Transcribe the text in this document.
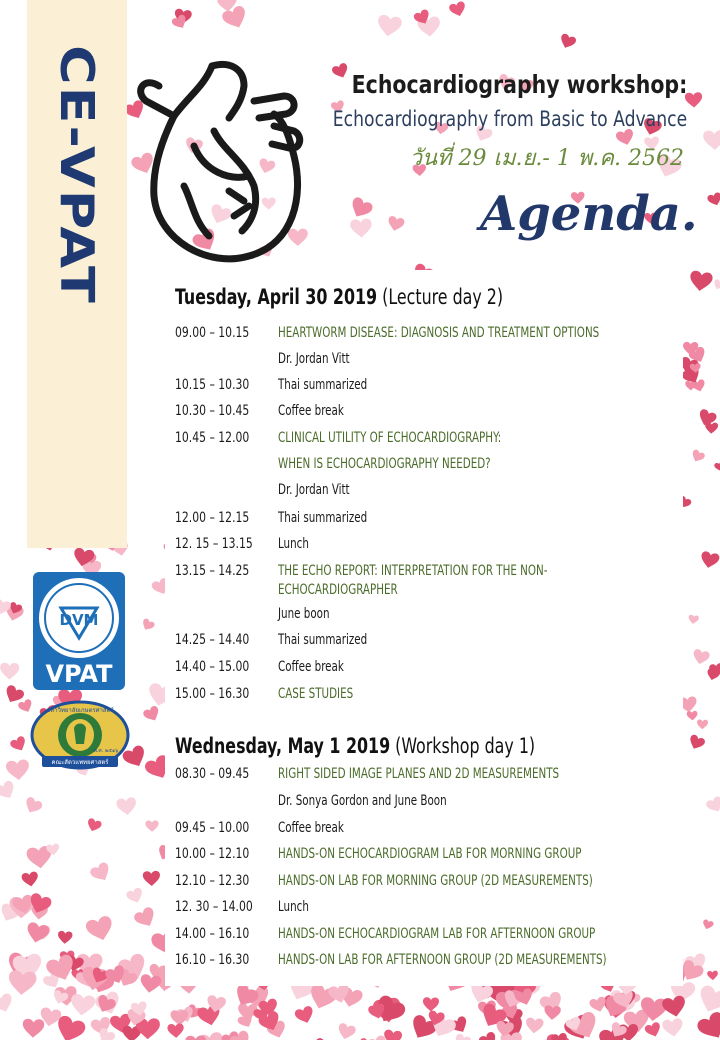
CE-VPAT	Echocardiography workshop:
Echocardiography from Basic to Advance
วันที่ 29 เม.ย.- 1 พ.ค. 2562
Agenda.
Tuesday, April 30 2019 (Lecture day 2)
09.00 – 10.15	HEARTWORM DISEASE: DIAGNOSIS AND TREATMENT OPTIONS
Dr. Jordan Vitt
10.15 – 10.30	Thai summarized
10.30 – 10.45	Coffee break
10.45 – 12.00	CLINICAL UTILITY OF ECHOCARDIOGRAPHY:
WHEN IS ECHOCARDIOGRAPHY NEEDED?
Dr. Jordan Vitt
12.00 – 12.15	Thai summarized
12. 15 – 13.15	Lunch
13.15 – 14.25	THE ECHO REPORT: INTERPRETATION FOR THE NON-
ECHOCARDIOGRAPHER
June boon
14.25 – 14.40	Thai summarized
14.40 – 15.00	Coffee break
15.00 – 16.30	CASE STUDIES
Wednesday, May 1 2019 (Workshop day 1)
08.30 – 09.45	RIGHT SIDED IMAGE PLANES AND 2D MEASUREMENTS
Dr. Sonya Gordon and June Boon
09.45 – 10.00	Coffee break
10.00 – 12.10	HANDS-ON ECHOCARDIOGRAM LAB FOR MORNING GROUP
12.10 – 12.30	HANDS-ON LAB FOR MORNING GROUP (2D MEASUREMENTS)
12. 30 – 14.00	Lunch
14.00 – 16.10	HANDS-ON ECHOCARDIOGRAM LAB FOR AFTERNOON GROUP
16.10 – 16.30	HANDS-ON LAB FOR AFTERNOON GROUP (2D MEASUREMENTS)
DVM
VPAT
มหาวิทยาลัยเกษตรศาสตร์
พ.ศ. ๒๕๑๖
คณะสัตวแพทยศาสตร์
